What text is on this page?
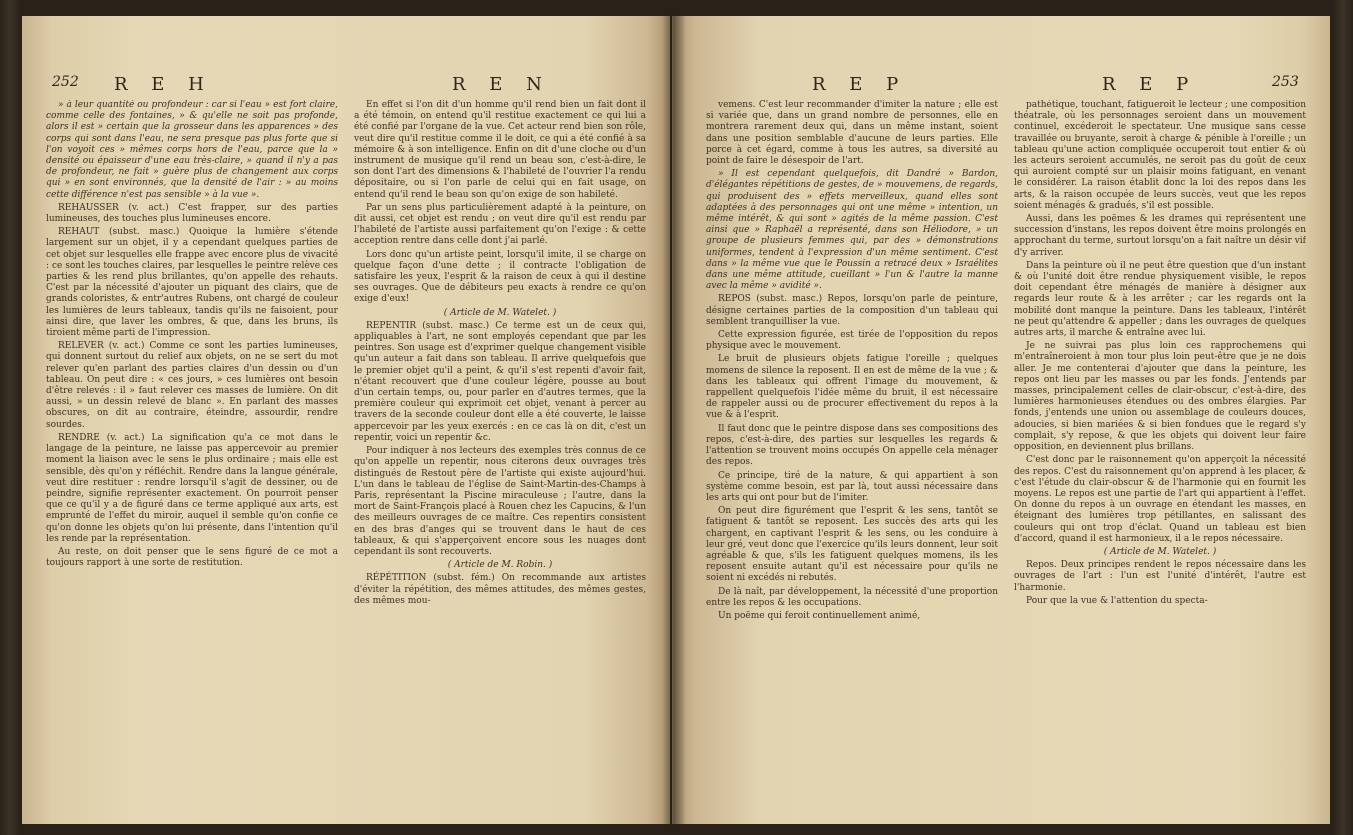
252 R E H	R E N

» à leur quantité ou profondeur : car si l'eau » est fort claire, comme celle des fontaines, » & qu'elle ne soit pas profonde, alors il est » certain que la grosseur dans les apparences » des corps qui sont dans l'eau, ne sera presque pas plus forte que si l'on voyoit ces » mêmes corps hors de l'eau, parce que la » densité ou épaisseur d'une eau très-claire, » quand il n'y a pas de profondeur, ne fait » guère plus de changement aux corps qui » en sont environnés, que la densité de l'air : » au moins cette différence n'est pas sensible » à la vue ».

REHAUSSER (v. act.) C'est frapper, sur des parties lumineuses, des touches plus lumineuses encore.

REHAUT (subst. masc.) Quoique la lumière s'étende largement sur un objet, il y a cependant quelques parties de cet objet sur lesquelles elle frappe avec encore plus de vivacité : ce sont les touches claires, par lesquelles le peintre relève ces parties & les rend plus brillantes, qu'on appelle des rehauts. C'est par la nécessité d'ajouter un piquant des clairs, que de grands coloristes, & entr'autres Rubens, ont chargé de couleur les lumières de leurs tableaux, tandis qu'ils ne faisoient, pour ainsi dire, que laver les ombres, & que, dans les bruns, ils tiroient même parti de l'impression.

RELEVER (v. act.) Comme ce sont les parties lumineuses, qui donnent surtout du relief aux objets, on ne se sert du mot relever qu'en parlant des parties claires d'un dessin ou d'un tableau. On peut dire : « ces jours, » ces lumières ont besoin d'être relevés : il » faut relever ces masses de lumière. On dit aussi, » un dessin relevé de blanc ». En parlant des masses obscures, on dit au contraire, éteindre, assourdir, rendre sourdes.

RENDRE (v. act.) La signification qu'a ce mot dans le langage de la peinture, ne laisse pas appercevoir au premier moment la liaison avec le sens le plus ordinaire ; mais elle est sensible, dès qu'on y réfléchit. Rendre dans la langue générale, veut dire restituer : rendre lorsqu'il s'agit de dessiner, ou de peindre, signifie représenter exactement. On pourroit penser que ce qu'il y a de figuré dans ce terme appliqué aux arts, est emprunté de l'effet du miroir, auquel il semble qu'on confie ce qu'on donne les objets qu'on lui présente, dans l'intention qu'il les rende par la représentation.

Au reste, on doit penser que le sens figuré de ce mot a toujours rapport à une sorte de restitution.

En effet si l'on dit d'un homme qu'il rend bien un fait dont il a été témoin, on entend qu'il restitue exactement ce qui lui a été confié par l'organe de la vue. Cet acteur rend bien son rôle, veut dire qu'il restitue comme il le doit, ce qui a été confié à sa mémoire & à son intelligence. Enfin on dit d'une cloche ou d'un instrument de musique qu'il rend un beau son, c'est-à-dire, le son dont l'art des dimensions & l'habileté de l'ouvrier l'a rendu dépositaire, ou si l'on parle de celui qui en fait usage, on entend qu'il rend le beau son qu'on exige de son habileté.

Par un sens plus particulièrement adapté à la peinture, on dit aussi, cet objet est rendu ; on veut dire qu'il est rendu par l'habileté de l'artiste aussi parfaitement qu'on l'exige : & cette acception rentre dans celle dont j'ai parlé.

Lors donc qu'un artiste peint, lorsqu'il imite, il se charge on quelque façon d'une dette ; il contracte l'obligation de satisfaire les yeux, l'esprit & la raison de ceux à qui il destine ses ouvrages. Que de débiteurs peu exacts à rendre ce qu'on exige d'eux!

( Article de M. Watelet. )

REPENTIR (subst. masc.) Ce terme est un de ceux qui, appliquables à l'art, ne sont employés cependant que par les peintres. Son usage est d'exprimer quelque changement visible qu'un auteur a fait dans son tableau. Il arrive quelquefois que le premier objet qu'il a peint, & qu'il s'est repenti d'avoir fait, n'étant recouvert que d'une couleur légère, pousse au bout d'un certain temps, ou, pour parler en d'autres termes, que la première couleur qui exprimoit cet objet, venant à percer au travers de la seconde couleur dont elle a été couverte, le laisse appercevoir par les yeux exercés : en ce cas là on dit, c'est un repentir, voici un repentir &c.

Pour indiquer à nos lecteurs des exemples très connus de ce qu'on appelle un repentir, nous citerons deux ouvrages très distingués de Restout père de l'artiste qui existe aujourd'hui. L'un dans le tableau de l'église de Saint-Martin-des-Champs à Paris, représentant la Piscine miraculeuse ; l'autre, dans la mort de Saint-François placé à Rouen chez les Capucins, & l'un des meilleurs ouvrages de ce maître. Ces repentirs consistent en des bras d'anges qui se trouvent dans le haut de ces tableaux, & qui s'apperçoivent encore sous les nuages dont cependant ils sont recouverts.

( Article de M. Robin. )

RÉPÉTITION (subst. fém.) On recommande aux artistes d'éviter la répétition, des mêmes attitudes, des mêmes gestes, des mêmes mou-

R E P	R E P	253

vemens. C'est leur recommander d'imiter la nature ; elle est si variée que, dans un grand nombre de personnes, elle en montrera rarement deux qui, dans un même instant, soient dans une position semblable d'aucune de leurs parties. Elle porce à cet égard, comme à tous les autres, sa diversité au point de faire le désespoir de l'art.

» Il est cependant quelquefois, dit Dandré » Bardon, d'élégantes répétitions de gestes, de » mouvemens, de regards, qui produisent des » effets merveilleux, quand elles sont adaptées à des personnages qui ont une même » intention, un même intérêt, & qui sont » agités de la même passion. C'est ainsi que » Raphaël a représenté, dans son Héliodore, » un groupe de plusieurs femmes qui, par des » démonstrations uniformes, tendent à l'expression d'un même sentiment. C'est dans » la même vue que le Poussin a retracé deux » Israélites dans une même attitude, cueillant » l'un & l'autre la manne avec la même » avidité ».

REPOS (subst. masc.) Repos, lorsqu'on parle de peinture, désigne certaines parties de la composition d'un tableau qui semblent tranquilliser la vue.

Cette expression figurée, est tirée de l'opposition du repos physique avec le mouvement.

Le bruit de plusieurs objets fatigue l'oreille ; quelques momens de silence la reposent. Il en est de même de la vue ; & dans les tableaux qui offrent l'image du mouvement, & rappellent quelquefois l'idée même du bruit, il est nécessaire de rappeler aussi ou de procurer effectivement du repos à la vue & à l'esprit.

Il faut donc que le peintre dispose dans ses compositions des repos, c'est-à-dire, des parties sur lesquelles les regards & l'attention se trouvent moins occupés On appelle cela ménager des repos.

Ce principe, tiré de la nature, & qui appartient à son système comme besoin, est par là, tout aussi nécessaire dans les arts qui ont pour but de l'imiter.

On peut dire figurément que l'esprit & les sens, tantôt se fatiguent & tantôt se reposent. Les succès des arts qui les chargent, en captivant l'esprit & les sens, ou les conduire à leur gré, veut donc que l'exercice qu'ils leurs donnent, leur soit agréable & que, s'ils les fatiguent quelques momens, ils les reposent ensuite autant qu'il est nécessaire pour qu'ils ne soient ni excédés ni rebutés.

De là naît, par développement, la nécessité d'une proportion entre les repos & les occupations.

Un poëme qui feroit continuellement animé,

pathétique, touchant, fatigueroit le lecteur ; une composition théatrale, où les personnages seroient dans un mouvement continuel, excéderoit le spectateur. Une musique sans cesse travaillée ou bruyante, seroit à charge & pénible à l'oreille ; un tableau qu'une action compliquée occuperoit tout entier & où les acteurs seroient accumulés, ne seroit pas du goût de ceux qui auroient compté sur un plaisir moins fatiguant, en venant le considérer. La raison établit donc la loi des repos dans les arts, & la raison occupée de leurs succès, veut que les repos soient ménagés & gradués, s'il est possible.

Aussi, dans les poëmes & les drames qui représentent une succession d'instans, les repos doivent être moins prolongés en approchant du terme, surtout lorsqu'on a fait naître un désir vif d'y arriver.

Dans la peinture où il ne peut être question que d'un instant & où l'unité doit être rendue physiquement visible, le repos doit cependant être ménagés de manière à désigner aux regards leur route & à les arrêter ; car les regards ont la mobilité dont manque la peinture. Dans les tableaux, l'intérêt ne peut qu'attendre & appeller ; dans les ouvrages de quelques autres arts, il marche & entraîne avec lui.

Je ne suivrai pas plus loin ces rapprochemens qui m'entraîneroient à mon tour plus loin peut-être que je ne dois aller. Je me contenterai d'ajouter que dans la peinture, les repos ont lieu par les masses ou par les fonds. J'entends par masses, principalement celles de clair-obscur, c'est-à-dire, des lumières harmonieuses étendues ou des ombres élargies. Par fonds, j'entends une union ou assemblage de couleurs douces, adoucies, si bien mariées & si bien fondues que le regard s'y complait, s'y repose, & que les objets qui doivent leur faire opposition, en deviennent plus brillans.

C'est donc par le raisonnement qu'on apperçoit la nécessité des repos. C'est du raisonnement qu'on apprend à les placer, & c'est l'étude du clair-obscur & de l'harmonie qui en fournit les moyens. Le repos est une partie de l'art qui appartient à l'effet. On donne du repos à un ouvrage en étendant les masses, en éteignant des lumières trop pétillantes, en salissant des couleurs qui ont trop d'éclat. Quand un tableau est bien d'accord, quand il est harmonieux, il a le repos nécessaire.

( Article de M. Watelet. )

Repos. Deux principes rendent le repos nécessaire dans les ouvrages de l'art : l'un est l'unité d'intérêt, l'autre est l'harmonie.

Pour que la vue & l'attention du specta-
